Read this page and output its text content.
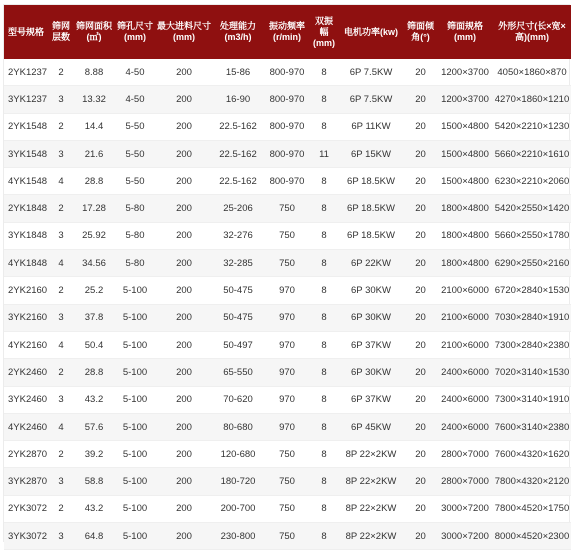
型号规格	筛网层数	筛网面积(㎡)	筛孔尺寸(mm)	最大进料尺寸(mm)	处理能力(m3/h)	振动频率(r/min)	双振幅(mm)	电机功率(kw)	筛面倾角(°)	筛面规格(mm)	外形尺寸(长×宽×高)(mm)
2YK1237	2	8.88	4-50	200	15-86	800-970	8	6P 7.5KW	20	1200×3700	4050×1860×870
3YK1237	3	13.32	4-50	200	16-90	800-970	8	6P 7.5KW	20	1200×3700	4270×1860×1210
2YK1548	2	14.4	5-50	200	22.5-162	800-970	8	6P 11KW	20	1500×4800	5420×2210×1230
3YK1548	3	21.6	5-50	200	22.5-162	800-970	11	6P 15KW	20	1500×4800	5660×2210×1610
4YK1548	4	28.8	5-50	200	22.5-162	800-970	8	6P 18.5KW	20	1500×4800	6230×2210×2060
2YK1848	2	17.28	5-80	200	25-206	750	8	6P 18.5KW	20	1800×4800	5420×2550×1420
3YK1848	3	25.92	5-80	200	32-276	750	8	6P 18.5KW	20	1800×4800	5660×2550×1780
4YK1848	4	34.56	5-80	200	32-285	750	8	6P 22KW	20	1800×4800	6290×2550×2160
2YK2160	2	25.2	5-100	200	50-475	970	8	6P 30KW	20	2100×6000	6720×2840×1530
3YK2160	3	37.8	5-100	200	50-475	970	8	6P 30KW	20	2100×6000	7030×2840×1910
4YK2160	4	50.4	5-100	200	50-497	970	8	6P 37KW	20	2100×6000	7300×2840×2380
2YK2460	2	28.8	5-100	200	65-550	970	8	6P 30KW	20	2400×6000	7020×3140×1530
3YK2460	3	43.2	5-100	200	70-620	970	8	6P 37KW	20	2400×6000	7300×3140×1910
4YK2460	4	57.6	5-100	200	80-680	970	8	6P 45KW	20	2400×6000	7600×3140×2380
2YK2870	2	39.2	5-100	200	120-680	750	8	8P 22×2KW	20	2800×7000	7600×4320×1620
3YK2870	3	58.8	5-100	200	180-720	750	8	8P 22×2KW	20	2800×7000	7800×4320×2120
2YK3072	2	43.2	5-100	200	200-700	750	8	8P 22×2KW	20	3000×7200	7800×4520×1750
3YK3072	3	64.8	5-100	200	230-800	750	8	8P 22×2KW	20	3000×7200	8000×4520×2300
